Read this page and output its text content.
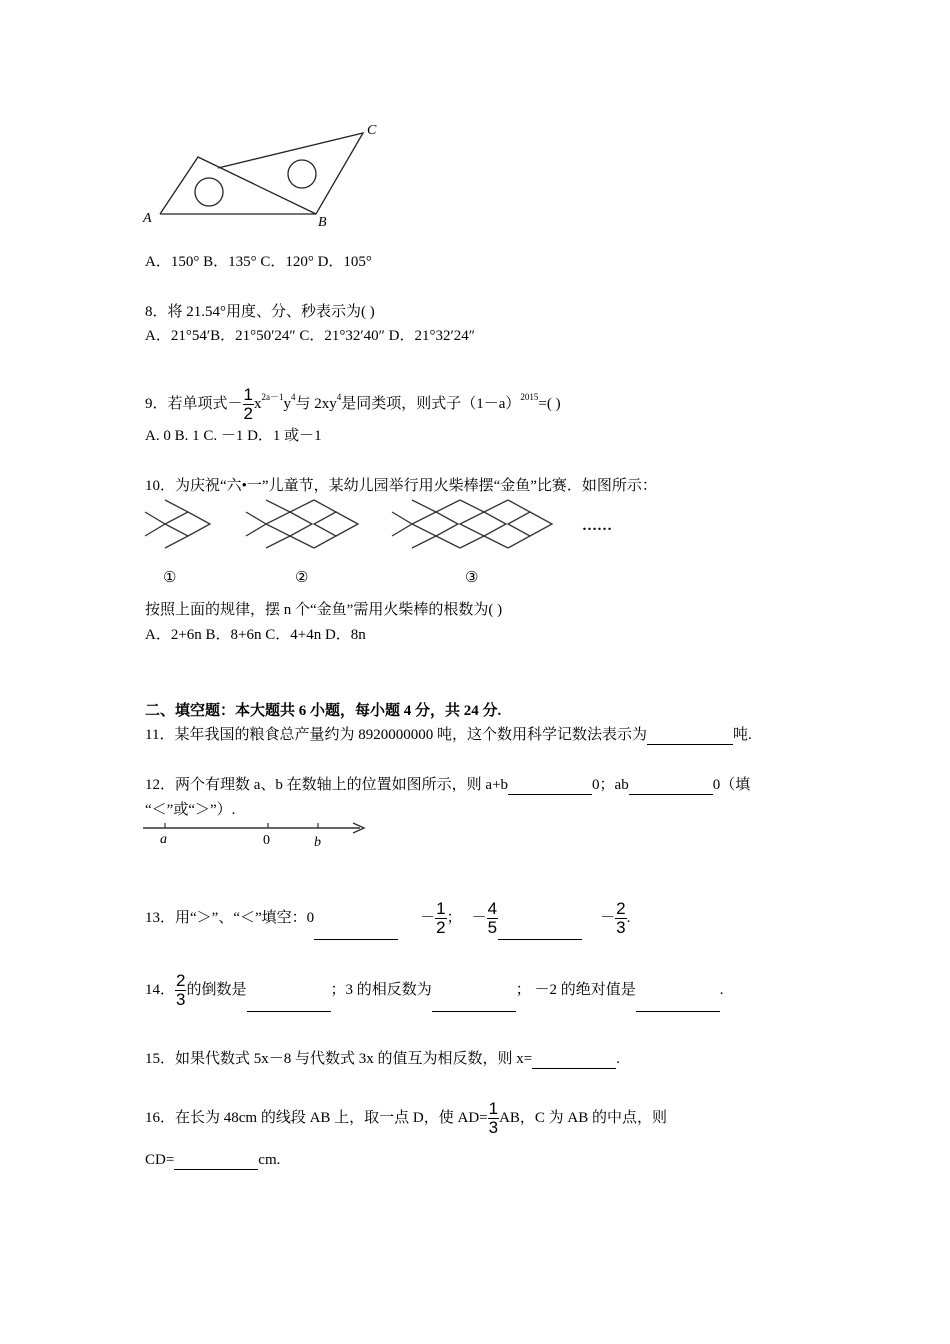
A	B
C
A．150° B．135° C．120° D．105°
8．将 21.54°用度、分、秒表示为( )
A．21°54′B．21°50′24″ C．21°32′40″ D．21°32′24″
9．若单项式－ $\frac{1}{2} x^{2a-1}y^4$与 $2xy^4$是同类项，则式子$(1-a)^{2015}=$( )
A. 0 B. 1 C. －1 D．1 或－1
10．为庆祝“六•一”儿童节，某幼儿园举行用火柴棒摆“金鱼”比赛．如图所示：
①	②	③
……
按照上面的规律，摆 n 个“金鱼”需用火柴棒的根数为( )
A．2+6n B．8+6n C．4+4n D．8n
二、填空题：本大题共 6 小题，每小题 4 分，共 24 分.
11．某年我国的粮食总产量约为 8920000000 吨，这个数用科学记数法表示为	吨.
12．两个有理数 a、b 在数轴上的位置如图所示，则 a+b	0；ab	0（填
“＜”或“＞”）.
a	0	b
13．用“＞”、“＜”填空：0	－ $\frac{1}{2}$ ； － $\frac{4}{5}$	－ $\frac{2}{3}$ .
14． $\frac{2}{3}$ 的倒数是	；3 的相反数为	； －2 的绝对值是	.
15．如果代数式 5x－8 与代数式 3x 的值互为相反数，则 x=	.
16．在长为 48cm 的线段 AB 上，取一点 D，使 $AD= \frac{1}{3}$ AB，C 为 AB 的中点，则
CD=	cm.
